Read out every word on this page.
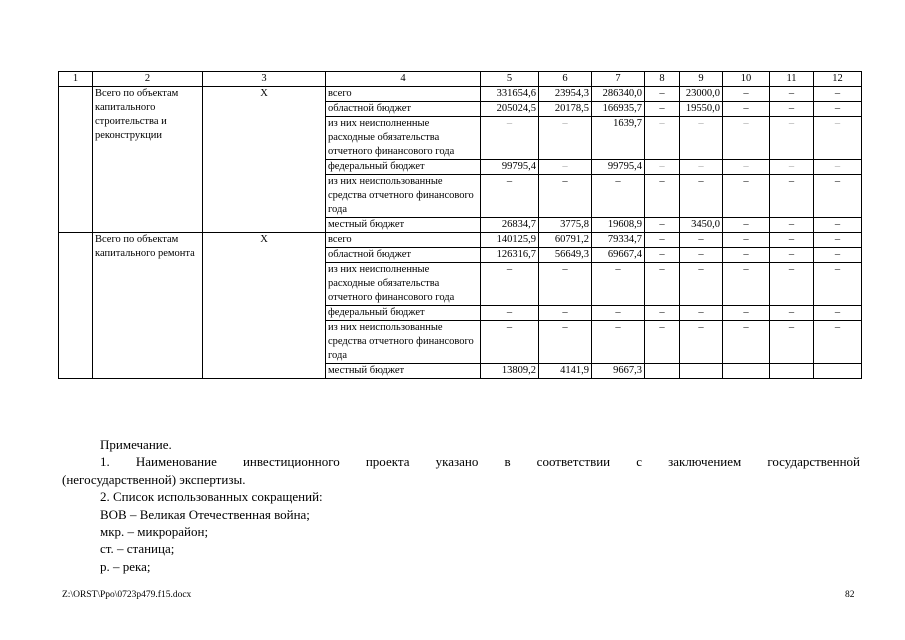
1	2	3	4	5	6	7	8	9	10	11	12
	Всего по объектам капитального строительства и реконструкции	Х	всего	331654,6	23954,3	286340,0	–	23000,0	–	–	–
			областной бюджет	205024,5	20178,5	166935,7	–	19550,0	–	–	–
			из них неисполненные расходные обязательства отчетного финансового года	–	–	1639,7	–	–	–	–	–
			федеральный бюджет	99795,4	–	99795,4	–	–	–	–	–
			из них неиспользованные средства отчетного финансового года	–	–	–	–	–	–	–	–
			местный бюджет	26834,7	3775,8	19608,9	–	3450,0	–	–	–
	Всего по объектам капитального ремонта	Х	всего	140125,9	60791,2	79334,7	–	–	–	–	–
			областной бюджет	126316,7	56649,3	69667,4	–	–	–	–	–
			из них неисполненные расходные обязательства отчетного финансового года	–	–	–	–	–	–	–	–
			федеральный бюджет	–	–	–	–	–	–	–	–
			из них неиспользованные средства отчетного финансового года	–	–	–	–	–	–	–	–
			местный бюджет	13809,2	4141,9	9667,3					

Примечание.

1. Наименование инвестиционного проекта указано в соответствии с заключением государственной

(негосударственной) экспертизы.

2. Список использованных сокращений:

ВОВ – Великая Отечественная война;

мкр. – микрорайон;

ст. – станица;

р. – река;

Z:\ORST\Ppo\0723p479.f15.docx	82
